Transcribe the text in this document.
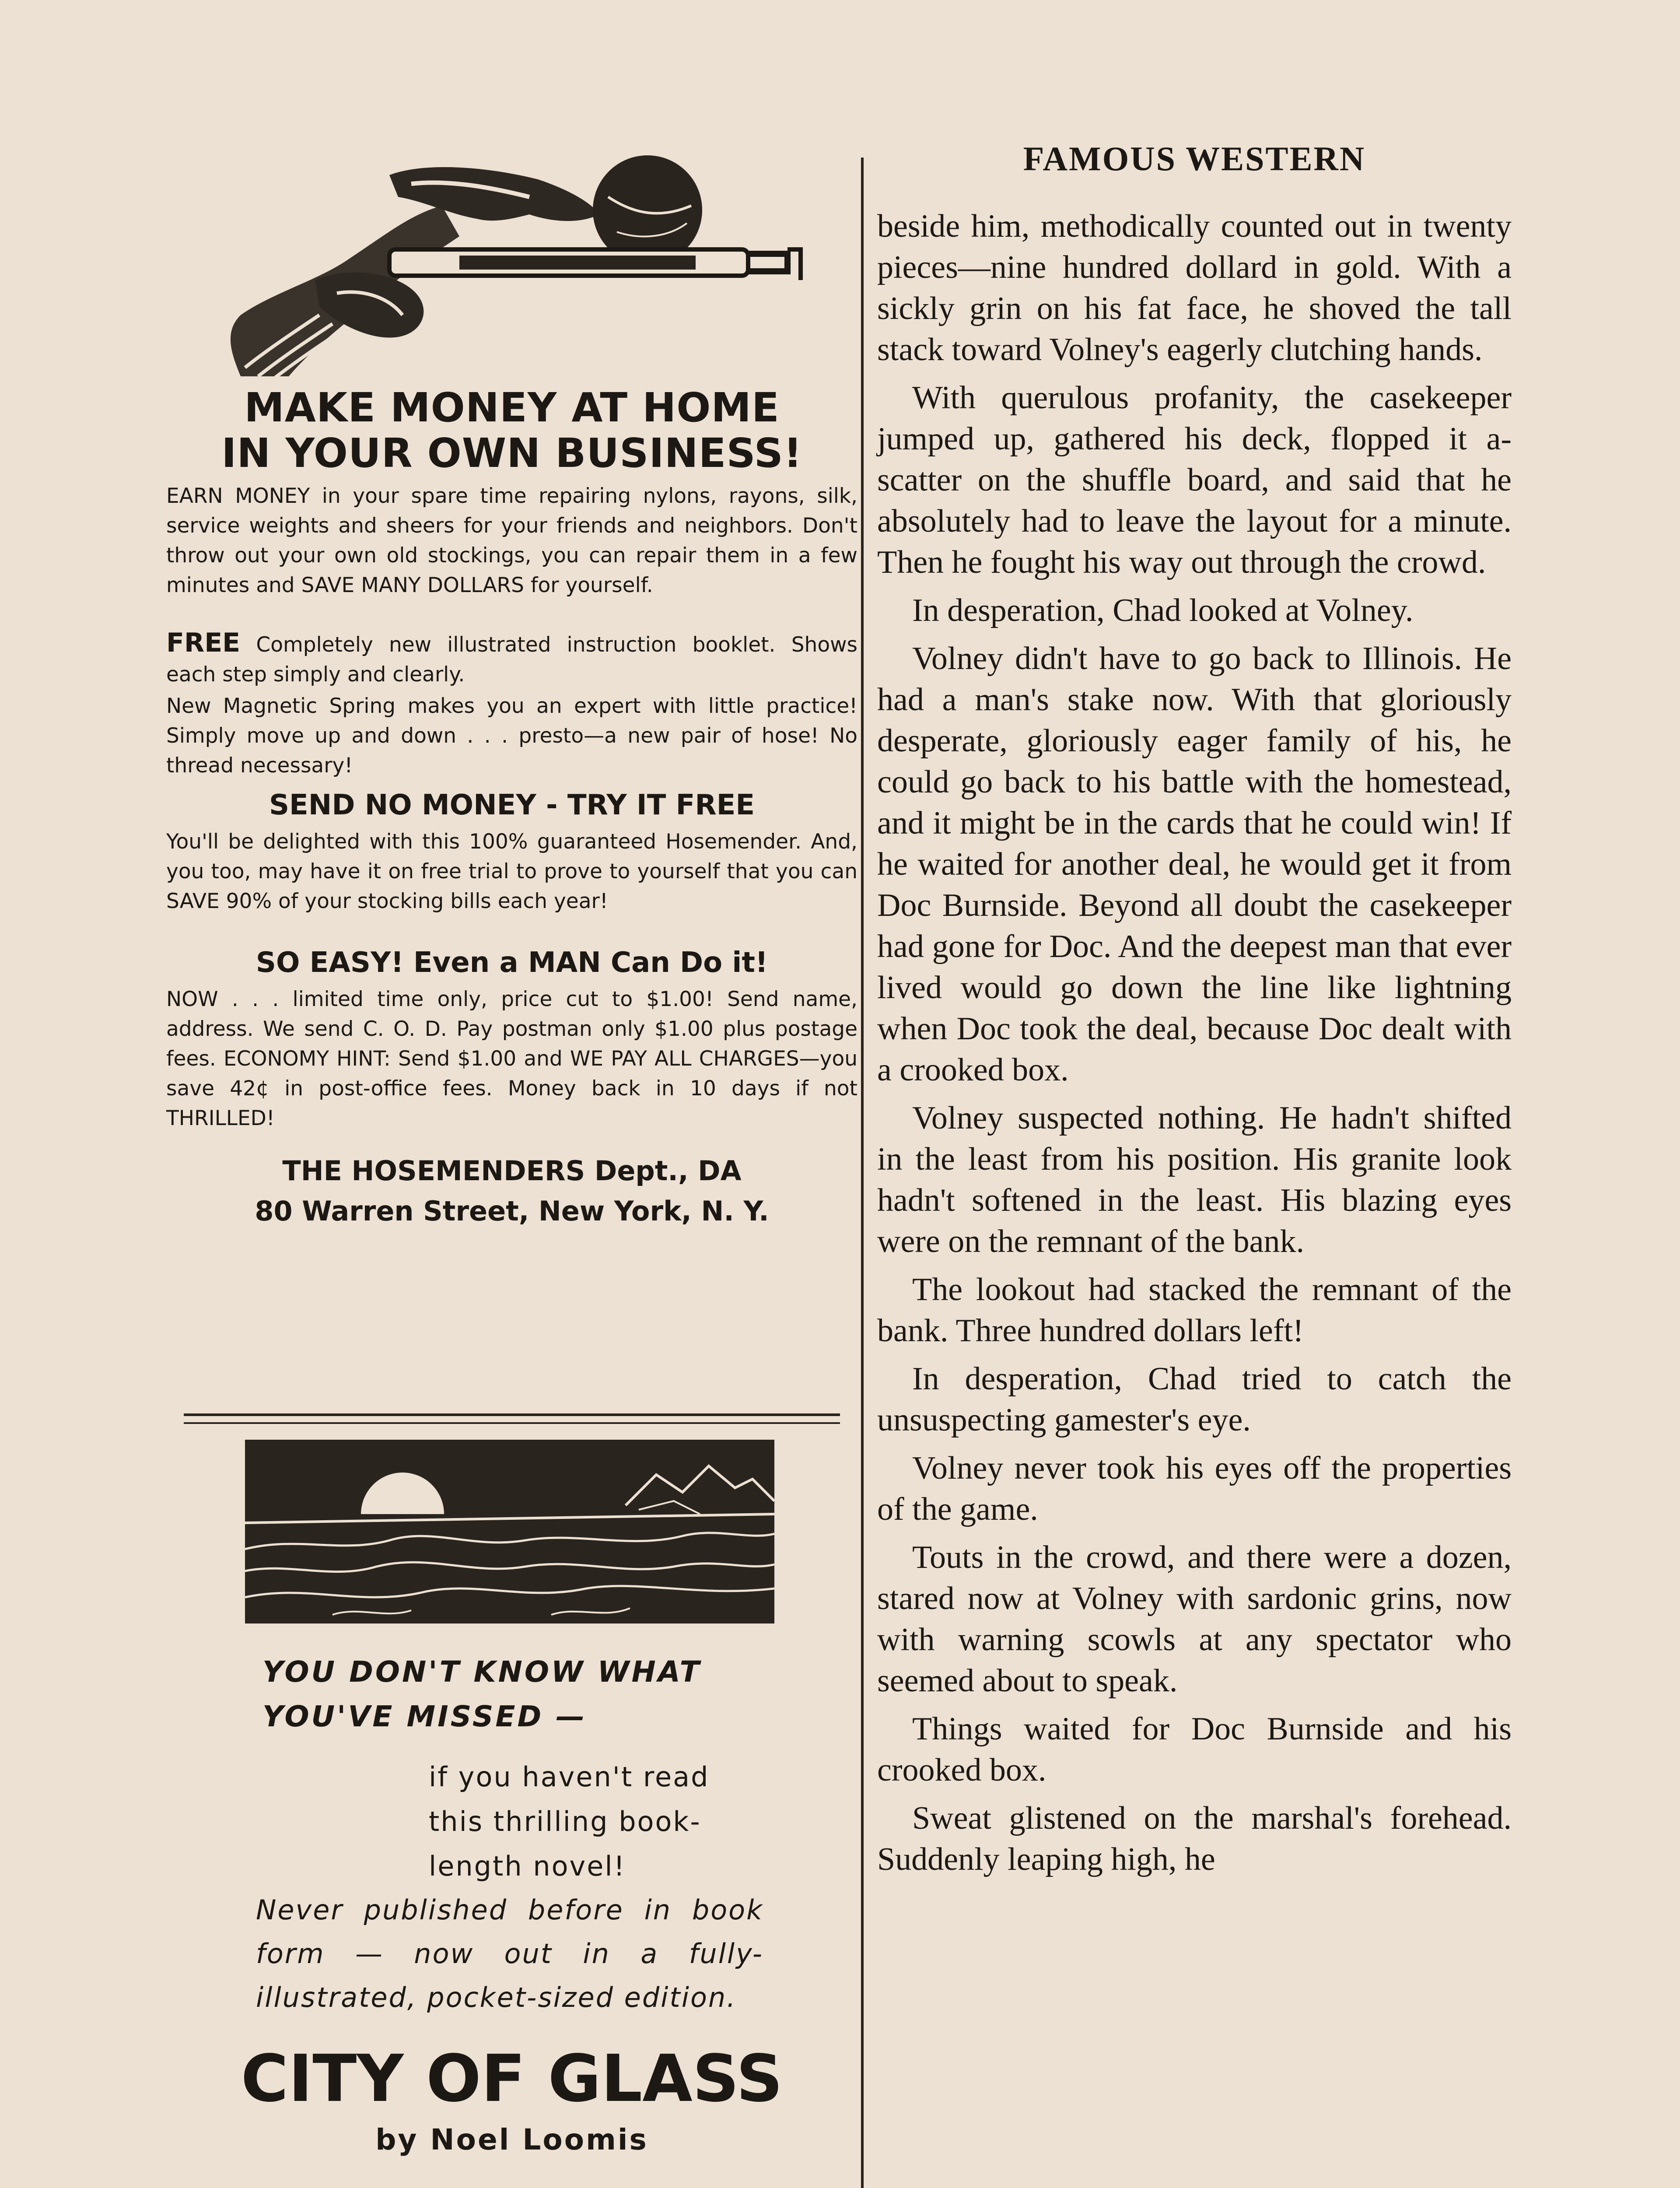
MAKE MONEY AT HOME
IN YOUR OWN BUSINESS!
EARN MONEY in your spare time repairing nylons, rayons, silk, service weights and sheers for your friends and neighbors. Don't throw out your own old stockings, you can repair them in a few minutes and SAVE MANY DOLLARS for yourself.
FREE Completely new illustrated instruction booklet. Shows each step simply and clearly.
New Magnetic Spring makes you an expert with little practice! Simply move up and down . . . presto—a new pair of hose! No thread necessary!
SEND NO MONEY - TRY IT FREE
You'll be delighted with this 100% guaranteed Hosemender. And, you too, may have it on free trial to prove to yourself that you can SAVE 90% of your stocking bills each year!
SO EASY! Even a MAN Can Do it!
NOW . . . limited time only, price cut to $1.00! Send name, address. We send C. O. D. Pay postman only $1.00 plus postage fees. ECONOMY HINT: Send $1.00 and WE PAY ALL CHARGES—you save 42¢ in post-office fees. Money back in 10 days if not THRILLED!
THE HOSEMENDERS Dept., DA
80 Warren Street, New York, N. Y.
YOU DON'T KNOW WHAT
YOU'VE MISSED —
if you haven't read
this thrilling book-
length novel!
Never published before in book form — now out in a fully-illustrated, pocket-sized edition.
CITY OF GLASS
by Noel Loomis
FAMOUS WESTERN

beside him, methodically counted out in twenty pieces—nine hundred dollard in gold. With a sickly grin on his fat face, he shoved the tall stack toward Volney's eagerly clutching hands.

With querulous profanity, the casekeeper jumped up, gathered his deck, flopped it a-scatter on the shuffle board, and said that he absolutely had to leave the layout for a minute. Then he fought his way out through the crowd.

In desperation, Chad looked at Volney.

Volney didn't have to go back to Illinois. He had a man's stake now. With that gloriously desperate, gloriously eager family of his, he could go back to his battle with the homestead, and it might be in the cards that he could win! If he waited for another deal, he would get it from Doc Burnside. Beyond all doubt the casekeeper had gone for Doc. And the deepest man that ever lived would go down the line like lightning when Doc took the deal, because Doc dealt with a crooked box.

Volney suspected nothing. He hadn't shifted in the least from his position. His granite look hadn't softened in the least. His blazing eyes were on the remnant of the bank.

The lookout had stacked the remnant of the bank. Three hundred dollars left!

In desperation, Chad tried to catch the unsuspecting gamester's eye.

Volney never took his eyes off the properties of the game.

Touts in the crowd, and there were a dozen, stared now at Volney with sardonic grins, now with warning scowls at any spectator who seemed about to speak.

Things waited for Doc Burnside and his crooked box.

Sweat glistened on the marshal's forehead. Suddenly leaping high, he
